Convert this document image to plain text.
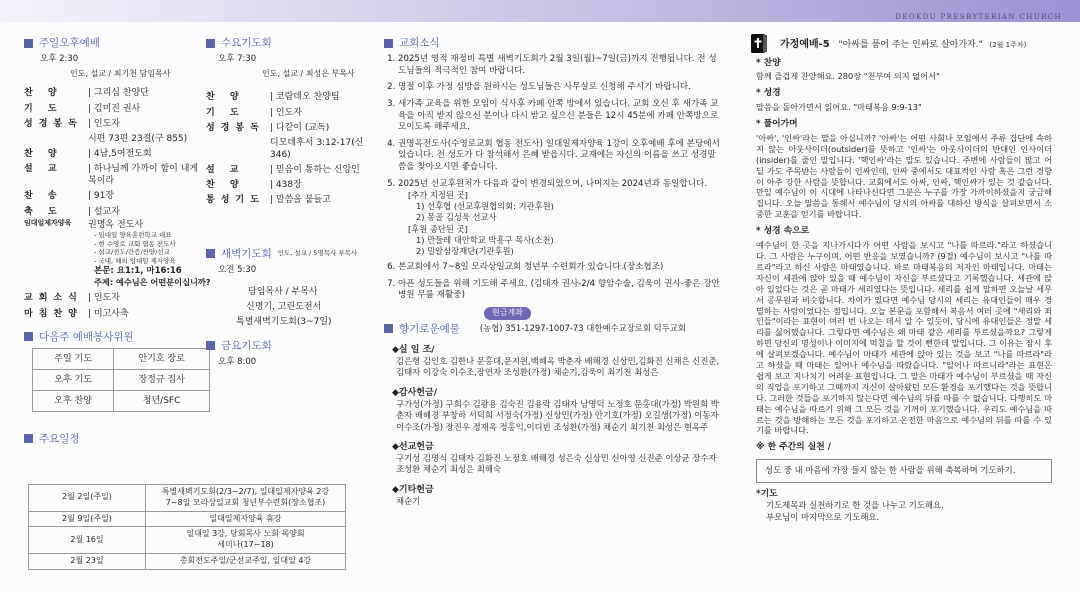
DEOKDU PRESBYTERIAN CHURCH
주일오후예배
오후 2:30
인도, 설교 / 최기천 담임목사
찬 양	| 그리심 찬양단
기 도	| 김미진 권사
성경봉독 | 인도자
시편 73편 23절(구 855)
찬 양	| 4남,5여전도회
설 교	| 하나님께 가까이 함이 내게 복이라
찬 송	| 91장
축 도	| 설교자
임대일제자양육	권명옥 전도사
- 임대일 양육훈련학교 대표
- 현 수영로 교회 협동 전도사
- 설교/전도/간증/찬양/선교
- 국내, 해외 임대일 제자양육
본문: 요1:1, 마16:16
주제: 예수님은 어떤분이십니까?
교회소식 | 인도자
마침찬양 | 미고사축
다음주 예배봉사위원
주일 기도	안기호 장로
오후 기도	장정규 집사
오후 찬양	청년/SFC
주요일정
2월 2일(주일)	특별새벽기도회(2/3~2/7), 일대일제자양육 2강
7~8일 모라상일교회 청년부수련회(장소협조)
2월 9일(주일)	일대일제자양육 휴강
2월 16일	일대일 3강, 당회목사 노회 목양회
세미나(17~18)
2월 23일	총회전도주일/군선교주일, 일대일 4강
수요기도회
오후 7:30
인도, 설교 / 최성은 부목사
찬 양	| 코람데오 찬양팀
기 도	| 인도자
성경봉독 | 다같이 (교독)
디모데후서 3:12-17(신 346)
설 교	| 믿음이 통하는 신앙인
찬 양	| 438장
통성기도 | 말씀을 붙들고
새벽기도회 인도, 설교 / 5명목사 부목사
오전 5:30
담임목사 / 부목사
신명기, 고린도전서
특별새벽기도회(3~7일)
금요기도회
오후 8:00
교회소식
1. 2025년 영적 재정비 특별 새벽기도회가 2월 3일(월)~7일(금)까지 진행됩니다. 전 성도님들의 적극적인 참여 바랍니다.
2. 명절 이후 가정 심방을 원하시는 성도님들은 사무실로 신청해 주시기 바랍니다.
3. 새가족 교육을 위한 모임이 식사후 카페 안쪽 방에서 있습니다. 교회 오신 후 새가족 교육을 아직 받지 않으신 분이나 다시 받고 싶으신 분들은 12시 45분에 카페 안쪽방으로 모이도록 해주세요.
4. 권명옥전도사(수영로교회 협동 전도사) 일대일제자양육 1강이 오후예배 후에 본당에서 있습니다. 전 성도가 다 참석해서 은혜 받읍시다. 교재에는 자신의 이름을 쓰고 성경말씀을 찾아오시면 좋습니다.
5. 2025년 선교후원처가 다음과 같이 변경되었으며, 나머지는 2024년과 동일합니다.
[추가 지정된 곳]
1) 선후협 (선교후원협의회: 기관후원)
2) 몽골 김성욱 선교사
[후원 종단된 곳]
1) 만들레 대안학교 박흥구 목사(소천)
2) 밀알심장재단(기관후원)
6. 본교회에서 7~8일 모라상일교회 청년부 수련회가 있습니다.(장소협조)
7. 아픈 성도들을 위해 기도해 주세요. (김태자 권사-2/4 향암수술, 김욱이 권사-좋은 강안병원 무릎 재활중)
현금계좌
향기로운예물 (농협) 351-1297-1007-73 대한예수교장로회 덕두교회
◆실 일 조/
김은형 김인호 김한나 문홍대,문지원,백혜옥 박춘자 배해경 신상민,김화진 신채은 신진준,김태자 이강숙 이수조,장연자 조성환(가정) 채순기,김욱이 최기천 최성은
◆감사헌금/
구가성(가정) 구희수 김광용 김숙진 김용락 김태자 남명덕 노정호 문홍대(가정) 박원희 박춘자 배혜경 부창하 서덕희 서정숙(가정) 신상민(가정) 안기호(가정) 오길생(가정) 이동자 이수조(가정) 장진우 정재옥 정홍익,이디빈 조성환(가정) 채순기 최기천 최성은 현옥주
◆선교헌금
구기성 김명식 김태자 김화진 노정호 배해경 성은숙 신상민 신아영 신진준 이상균 장수자 조성환 채순기 최성은 최해숙
◆기타헌금
채순기
가정예배-5 "아싸를 품어 주는 인싸로 살아가자." (2월 1주차)
* 찬양
함께 즐겁게 찬양해요. 280장 "천부여 의지 없어서"
* 성경
말씀을 돌아가면서 읽어요. "마태복음 9:9-13"
* 풀어가며
'아싸', '인싸'라는 말을 아십니까? '아싸'는 어떤 사회나 모임에서 주류 집단에 속하지 않는 아웃사이더(outsider)를 뜻하고 '인싸'는 아웃사이더의 반대인 인사이더(insider)를 줄인 말입니다. '핵인싸'라는 말도 있습니다. 주변에 사람들이 많고 어딜 가도 주목받는 사람들이 인싸인데, 인싸 중에서도 대표적인 사람 혹은 그런 경향이 아주 강한 사람을 뜻합니다. 교회에서도 아싸, 인싸, 핵인싸가 있는 것 같습니다. 만일 예수님이 이 시대에 나타나신다면 그분은 누구를 가장 가까이하셨을지 궁금해집니다. 오늘 말씀을 통해서 예수님이 당시의 아싸를 대하신 방식을 살펴보면서 소중한 교훈을 얻기를 바랍니다.
* 성경 속으로
예수님이 한 곳을 지나가시다가 어떤 사람을 보시고 "나를 따르라."라고 하셨습니다. 그 사람은 누구이며, 어떤 반응을 보였습니까? (9절) 예수님이 보시고 "나를 따르라"라고 하신 사람은 마태였습니다. 바로 마태복음의 저자인 마태입니다. 마태는 자신이 세관에 앉아 있을 때 예수님이 자신을 부르셨다고 기록했습니다. 세관에 앉아 있었다는 것은 곧 마태가 세리였다는 뜻입니다. 세리를 쉽게 말하면 오늘날 세무서 공무원과 비슷합니다. 차이가 있다면 예수님 당시의 세리는 유대인들이 매우 경멸하는 사람이었다는 점입니다. 오늘 본문을 포함해서 복음서 여러 곳에 "세리와 죄인들"이라는 표현이 여러 번 나오는 데서 알 수 있듯이, 당시에 유대인들은 정말 세리를 싫어했습니다. 그렇다면 예수님은 왜 마태 같은 세리를 부르셨을까요? 그렇게 하면 당신의 명성이나 이미지에 먹칠을 할 것이 뻔한데 말입니다. 그 이유는 잠시 후에 살펴보겠습니다. 예수님이 마태가 세관에 앉아 있는 것을 보고 "나를 따르라"라고 하셨을 때 마태는 일어나 예수님을 따랐습니다. "일어나 따르니라"라는 표현은 쉽게 보고 지나치기 어려운 표현입니다. 그 말은 마태가 예수님이 부르셨을 때 자신의 직업을 포기하고 그때까지 자신이 살아왔던 모든 환경을 포기했다는 것을 뜻합니다. 그러한 것들을 포기하지 않는다면 예수님의 뒤를 따를 수 없습니다. 다행히도 마태는 예수님을 따르기 위해 그 모든 것을 기꺼이 포기했습니다. 우리도 예수님을 따르는 것을 방해하는 모든 것을 포기하고 온전한 마음으로 예수님의 뒤를 따를 수 있기를 바랍니다.
※ 한 주간의 실천 /
성도 중 내 마음에 가장 들지 않는 한 사람을 위해 축복하며 기도하기.
*기도
기도제목과 실천하기로 한 것을 나누고 기도해요.
부모님이 마지막으로 기도해요.
